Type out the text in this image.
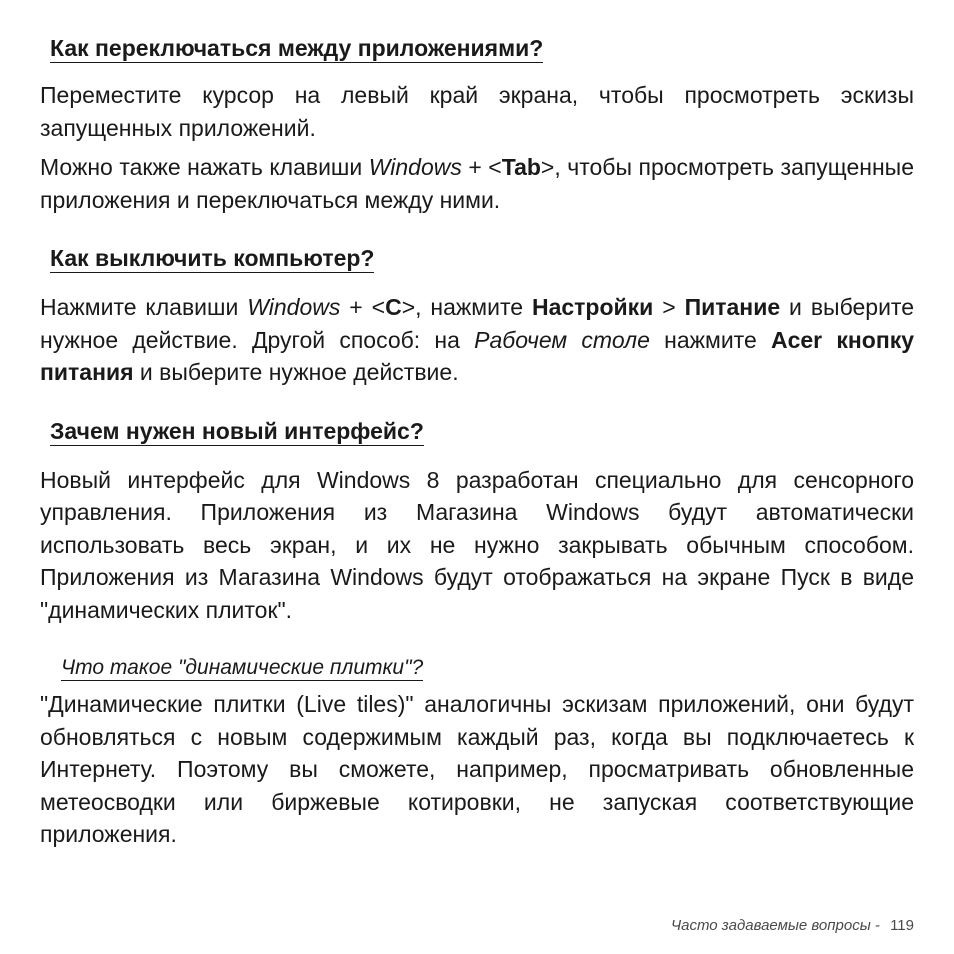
Как переключаться между приложениями?

Переместите курсор на левый край экрана, чтобы просмотреть эскизы запущенных приложений.

Можно также нажать клавиши Windows + <Tab>, чтобы просмотреть запущенные приложения и переключаться между ними.

Как выключить компьютер?

Нажмите клавиши Windows + <C>, нажмите Настройки > Питание и выберите нужное действие. Другой способ: на Рабочем столе нажмите Acer кнопку питания и выберите нужное действие.

Зачем нужен новый интерфейс?

Новый интерфейс для Windows 8 разработан специально для сенсорного управления. Приложения из Магазина Windows будут автоматически использовать весь экран, и их не нужно закрывать обычным способом. Приложения из Магазина Windows будут отображаться на экране Пуск в виде "динамических плиток".

Что такое "динамические плитки"?

"Динамические плитки (Live tiles)" аналогичны эскизам приложений, они будут обновляться с новым содержимым каждый раз, когда вы подключаетесь к Интернету. Поэтому вы сможете, например, просматривать обновленные метеосводки или биржевые котировки, не запуская соответствующие приложения.

Часто задаваемые вопросы - 119
